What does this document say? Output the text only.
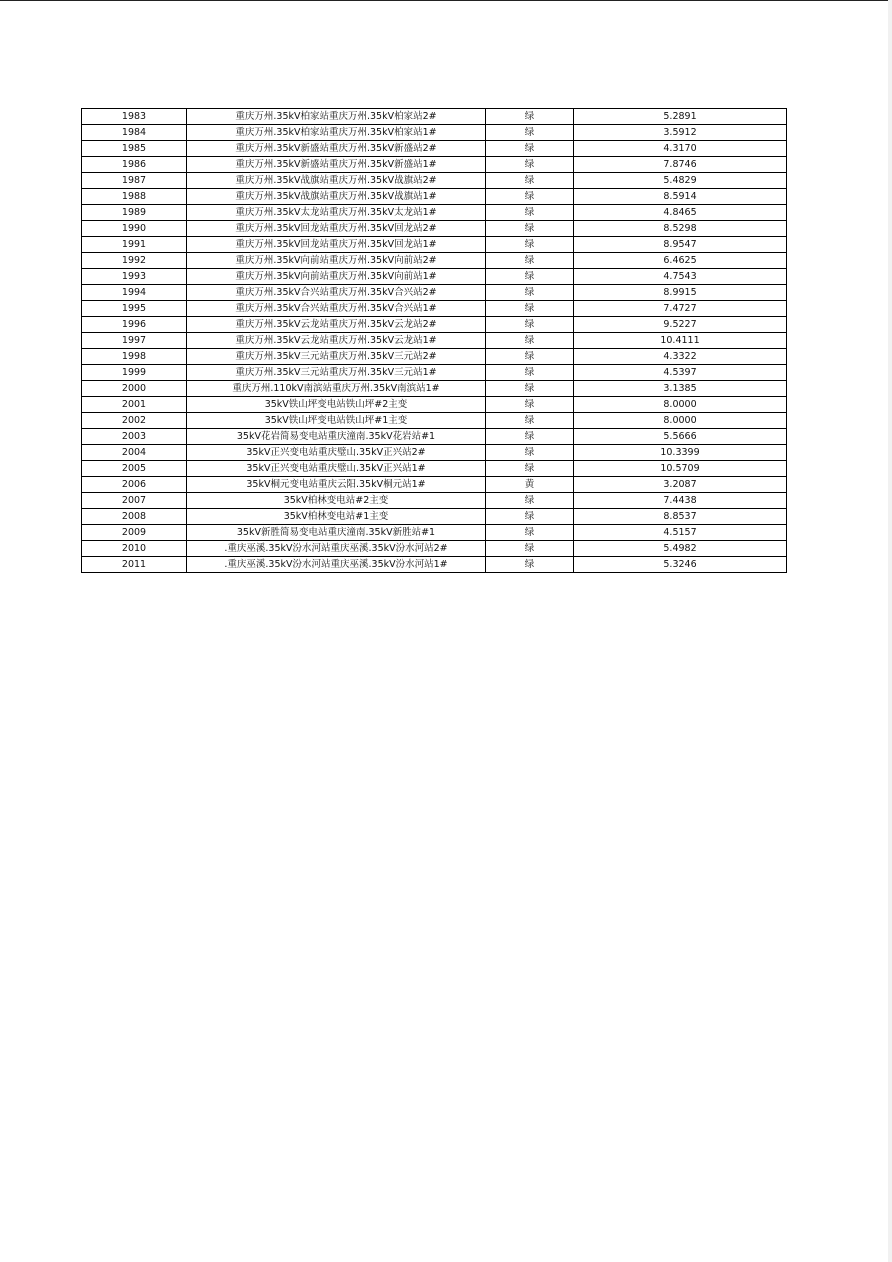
1983	重庆万州.35kV柏家站重庆万州.35kV柏家站2#	绿	5.2891
1984	重庆万州.35kV柏家站重庆万州.35kV柏家站1#	绿	3.5912
1985	重庆万州.35kV新盛站重庆万州.35kV新盛站2#	绿	4.3170
1986	重庆万州.35kV新盛站重庆万州.35kV新盛站1#	绿	7.8746
1987	重庆万州.35kV战旗站重庆万州.35kV战旗站2#	绿	5.4829
1988	重庆万州.35kV战旗站重庆万州.35kV战旗站1#	绿	8.5914
1989	重庆万州.35kV太龙站重庆万州.35kV太龙站1#	绿	4.8465
1990	重庆万州.35kV回龙站重庆万州.35kV回龙站2#	绿	8.5298
1991	重庆万州.35kV回龙站重庆万州.35kV回龙站1#	绿	8.9547
1992	重庆万州.35kV向前站重庆万州.35kV向前站2#	绿	6.4625
1993	重庆万州.35kV向前站重庆万州.35kV向前站1#	绿	4.7543
1994	重庆万州.35kV合兴站重庆万州.35kV合兴站2#	绿	8.9915
1995	重庆万州.35kV合兴站重庆万州.35kV合兴站1#	绿	7.4727
1996	重庆万州.35kV云龙站重庆万州.35kV云龙站2#	绿	9.5227
1997	重庆万州.35kV云龙站重庆万州.35kV云龙站1#	绿	10.4111
1998	重庆万州.35kV三元站重庆万州.35kV三元站2#	绿	4.3322
1999	重庆万州.35kV三元站重庆万州.35kV三元站1#	绿	4.5397
2000	重庆万州.110kV南滨站重庆万州.35kV南滨站1#	绿	3.1385
2001	35kV铁山坪变电站铁山坪#2主变	绿	8.0000
2002	35kV铁山坪变电站铁山坪#1主变	绿	8.0000
2003	35kV花岩简易变电站重庆潼南.35kV花岩站#1	绿	5.5666
2004	35kV正兴变电站重庆璧山.35kV正兴站2#	绿	10.3399
2005	35kV正兴变电站重庆璧山.35kV正兴站1#	绿	10.5709
2006	35kV桐元变电站重庆云阳.35kV桐元站1#	黄	3.2087
2007	35kV柏林变电站#2主变	绿	7.4438
2008	35kV柏林变电站#1主变	绿	8.8537
2009	35kV新胜简易变电站重庆潼南.35kV新胜站#1	绿	4.5157
2010	.重庆巫溪.35kV汾水河站重庆巫溪.35kV汾水河站2#	绿	5.4982
2011	.重庆巫溪.35kV汾水河站重庆巫溪.35kV汾水河站1#	绿	5.3246
